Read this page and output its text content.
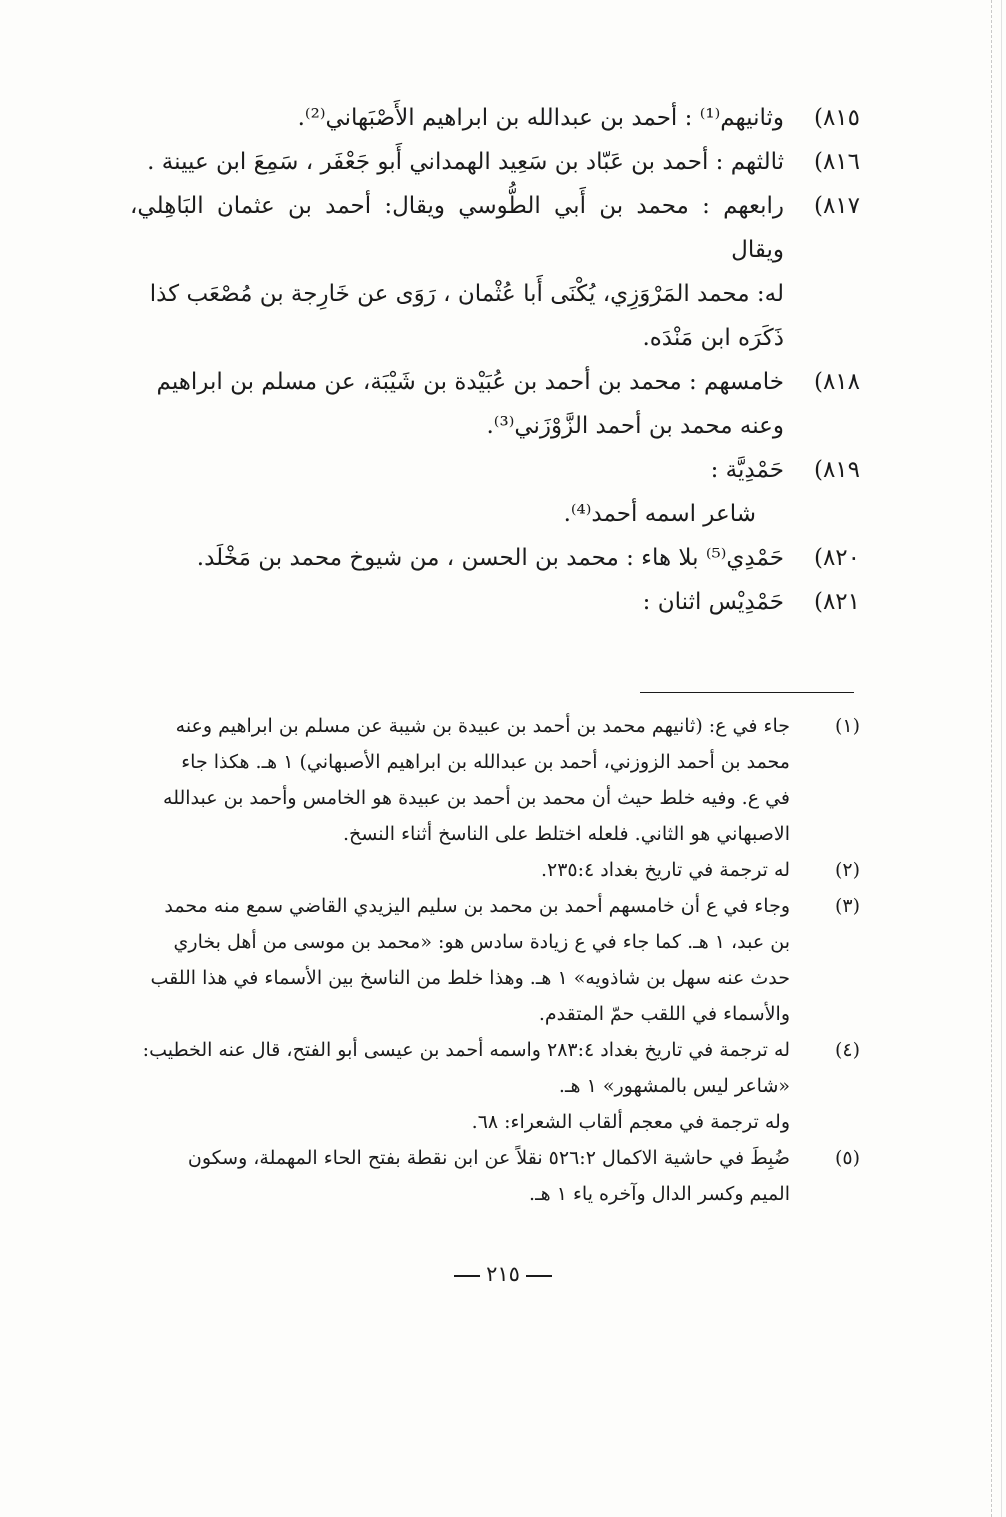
٨١٥)
وثانيهم⁽¹⁾ : أحمد بن عبدالله بن ابراهيم الأَصْبَهاني⁽²⁾.
٨١٦)
ثالثهم : أحمد بن عَبّاد بن سَعِيد الهمداني أَبو جَعْفَر ، سَمِعَ ابن عيينة .
٨١٧)
رابعهم : محمد بن أَبي الطُّوسي ويقال: أحمد بن عثمان البَاهِلي، ويقال
له: محمد المَرْوَزِي، يُكْنَى أَبا عُثْمان ، رَوَى عن خَارِجة بن مُصْعَب كذا
ذَكَرَه ابن مَنْدَه.
٨١٨)
خامسهم : محمد بن أحمد بن عُبَيْدة بن شَيْبَة، عن مسلم بن ابراهيم
وعنه محمد بن أحمد الزَّوْزَني⁽³⁾.
٨١٩)
حَمْدِيَّة :
شاعر اسمه أحمد⁽⁴⁾.
٨٢٠)
حَمْدِي⁽⁵⁾ بلا هاء : محمد بن الحسن ، من شيوخ محمد بن مَخْلَد.
٨٢١)
حَمْدِيْس اثنان :
(١)
جاء في ع: (ثانيهم محمد بن أحمد بن عبيدة بن شيبة عن مسلم بن ابراهيم وعنه
محمد بن أحمد الزوزني، أحمد بن عبدالله بن ابراهيم الأصبهاني) ١ هـ. هكذا جاء
في ع. وفيه خلط حيث أن محمد بن أحمد بن عبيدة هو الخامس وأحمد بن عبدالله
الاصبهاني هو الثاني. فلعله اختلط على الناسخ أثناء النسخ.
(٢)
له ترجمة في تاريخ بغداد ٢٣٥:٤.
(٣)
وجاء في ع أن خامسهم أحمد بن محمد بن سليم اليزيدي القاضي سمع منه محمد
بن عبد، ١ هـ. كما جاء في ع زيادة سادس هو: «محمد بن موسى من أهل بخاري
حدث عنه سهل بن شاذويه» ١ هـ. وهذا خلط من الناسخ بين الأسماء في هذا اللقب
والأسماء في اللقب حمّ المتقدم.
(٤)
له ترجمة في تاريخ بغداد ٢٨٣:٤ واسمه أحمد بن عيسى أبو الفتح، قال عنه الخطيب:
«شاعر ليس بالمشهور» ١ هـ.
وله ترجمة في معجم ألقاب الشعراء: ٦٨.
(٥)
ضُبِطَ في حاشية الاكمال ٥٢٦:٢ نقلاً عن ابن نقطة بفتح الحاء المهملة، وسكون
الميم وكسر الدال وآخره ياء ١ هـ.
٢١٥
